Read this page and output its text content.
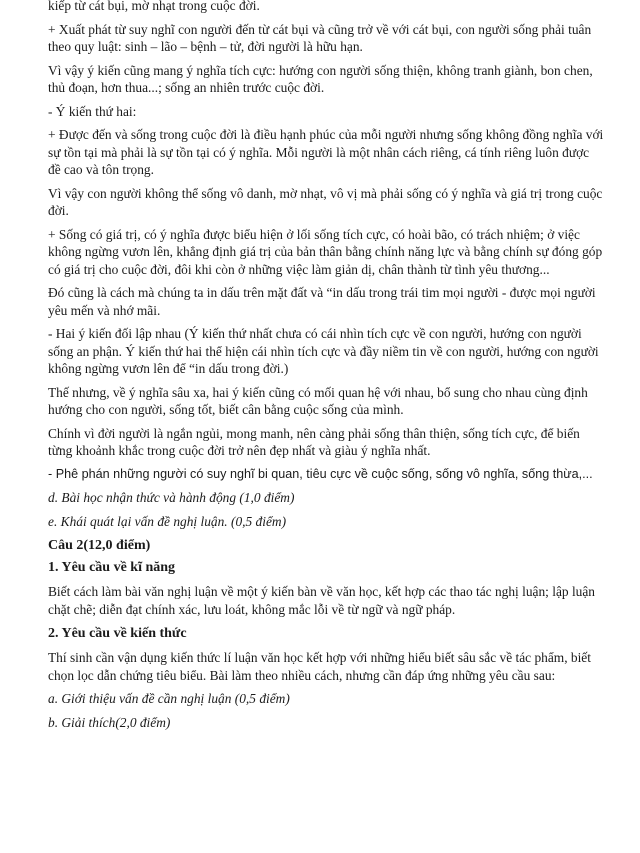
kiếp từ cát bụi, mờ nhạt trong cuộc đời.

+ Xuất phát từ suy nghĩ con người đến từ cát bụi và cũng trở về với cát bụi, con người sống phải tuân theo quy luật: sinh – lão – bệnh – tử, đời người là hữu hạn.

Vì vậy ý kiến cũng mang ý nghĩa tích cực: hướng con người sống thiện, không tranh giành, bon chen, thủ đoạn, hơn thua...; sống an nhiên trước cuộc đời.

- Ý kiến thứ hai:

+ Được đến và sống trong cuộc đời là điều hạnh phúc của mỗi người nhưng sống không đồng nghĩa với sự tồn tại mà phải là sự tồn tại có ý nghĩa. Mỗi người là một nhân cách riêng, cá tính riêng luôn được đề cao và tôn trọng.

Vì vậy con người không thể sống vô danh, mờ nhạt, vô vị mà phải sống có ý nghĩa và giá trị trong cuộc đời.

+ Sống có giá trị, có ý nghĩa được biểu hiện ở lối sống tích cực, có hoài bão, có trách nhiệm; ở việc không ngừng vươn lên, khẳng định giá trị của bản thân bằng chính năng lực và bằng chính sự đóng góp có giá trị cho cuộc đời, đôi khi còn ở những việc làm giản dị, chân thành từ tình yêu thương...

Đó cũng là cách mà chúng ta in dấu trên mặt đất và “in dấu trong trái tim mọi người - được mọi người yêu mến và nhớ mãi.

- Hai ý kiến đối lập nhau (Ý kiến thứ nhất chưa có cái nhìn tích cực về con người, hướng con người sống an phận. Ý kiến thứ hai thể hiện cái nhìn tích cực và đầy niềm tin về con người, hướng con người không ngừng vươn lên để “in dấu trong đời.)

Thế nhưng, về ý nghĩa sâu xa, hai ý kiến cũng có mối quan hệ với nhau, bổ sung cho nhau cùng định hướng cho con người, sống tốt, biết cân bằng cuộc sống của mình.

Chính vì đời người là ngắn ngủi, mong manh, nên càng phải sống thân thiện, sống tích cực, để biến từng khoảnh khắc trong cuộc đời trở nên đẹp nhất và giàu ý nghĩa nhất.

- Phê phán những người có suy nghĩ bi quan, tiêu cực về cuộc sống, sống vô nghĩa, sống thừa,...

d. Bài học nhận thức và hành động (1,0 điểm)

e. Khái quát lại vấn đề nghị luận. (0,5 điểm)

Câu 2(12,0 điểm)

1. Yêu cầu về kĩ năng

Biết cách làm bài văn nghị luận về một ý kiến bàn về văn học, kết hợp các thao tác nghị luận; lập luận chặt chẽ; diễn đạt chính xác, lưu loát, không mắc lỗi về từ ngữ và ngữ pháp.

2. Yêu cầu về kiến thức

Thí sinh cần vận dụng kiến thức lí luận văn học kết hợp với những hiểu biết sâu sắc về tác phẩm, biết chọn lọc dẫn chứng tiêu biểu. Bài làm theo nhiều cách, nhưng cần đáp ứng những yêu cầu sau:

a. Giới thiệu vấn đề cần nghị luận (0,5 điểm)

b. Giải thích(2,0 điểm)
